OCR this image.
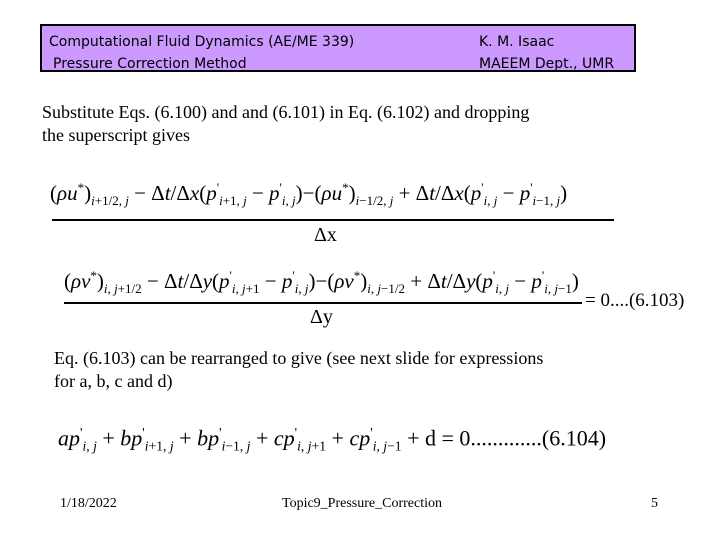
Computational Fluid Dynamics (AE/ME 339)
Pressure Correction Method
K. M. Isaac
MAEEM Dept., UMR
Substitute Eqs. (6.100) and and (6.101) in Eq. (6.102) and dropping
the superscript gives
$(\rho u^*)_{i+1/2, j} - \Delta t/\Delta x(p'_{i+1, j} - p'_{i, j})-(\rho u^*)_{i-1/2, j} + \Delta t/\Delta x(p'_{i, j} - p'_{i-1, j})$
Δx
$(\rho v^*)_{i, j+1/2} - \Delta t/\Delta y(p'_{i, j+1} - p'_{i, j})-(\rho v^*)_{i, j-1/2} + \Delta t/\Delta y(p'_{i, j} - p'_{i, j-1})$
Δy
= 0....(6.103)
Eq. (6.103) can be rearranged to give (see next slide for expressions
for a, b, c and d)
$ap'_{i, j} + bp'_{i+1, j} + bp'_{i-1, j} + cp'_{i, j+1} + cp'_{i, j-1} + d = 0.............(6.104)$
1/18/2022	Topic9_Pressure_Correction	5
